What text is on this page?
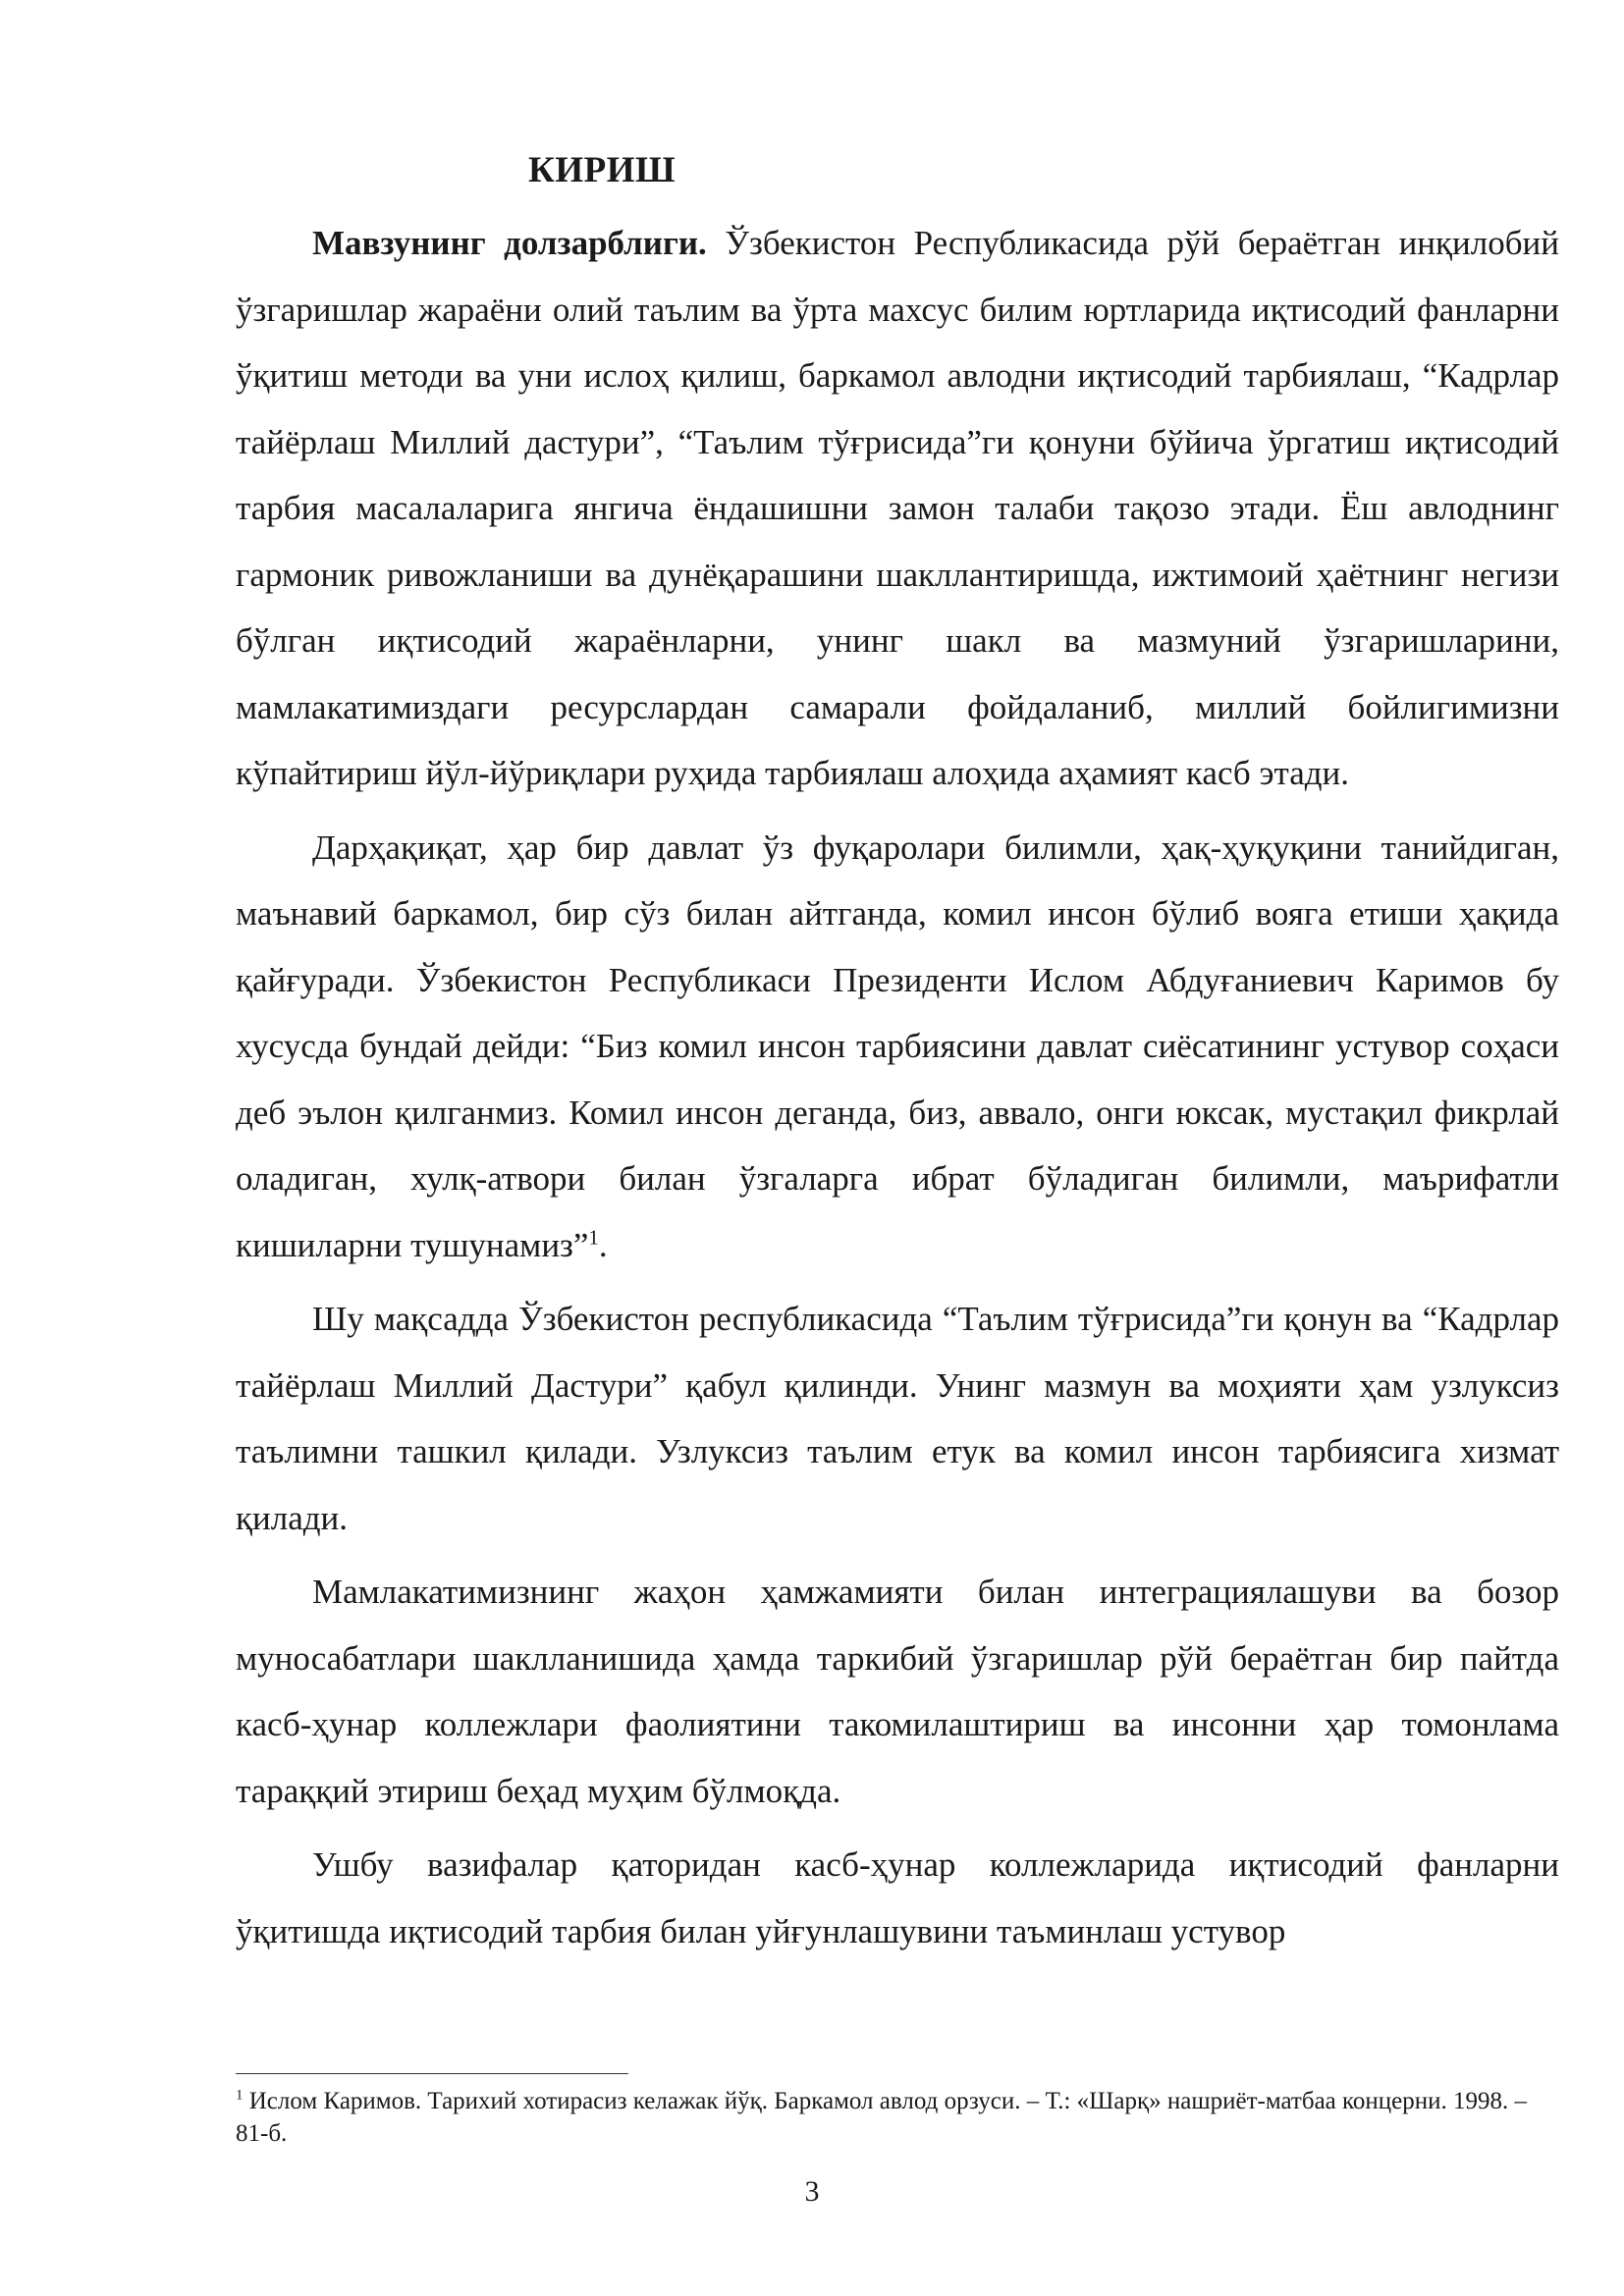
КИРИШ

Мавзунинг долзарблиги. Ўзбекистон Республикасида рўй бераётган инқилобий ўзгаришлар жараёни олий таълим ва ўрта махсус билим юртларида иқтисодий фанларни ўқитиш методи ва уни ислоҳ қилиш, баркамол авлодни иқтисодий тарбиялаш, “Кадрлар тайёрлаш Миллий дастури”, “Таълим тўғрисида”ги қонуни бўйича ўргатиш иқтисодий тарбия масалаларига янгича ёндашишни замон талаби тақозо этади. Ёш авлоднинг гармоник ривожланиши ва дунёқарашини шакллантиришда, ижтимоий ҳаётнинг негизи бўлган иқтисодий жараёнларни, унинг шакл ва мазмуний ўзгаришларини, мамлакатимиздаги ресурслардан самарали фойдаланиб, миллий бойлигимизни кўпайтириш йўл-йўриқлари руҳида тарбиялаш алоҳида аҳамият касб этади.

Дарҳақиқат, ҳар бир давлат ўз фуқаролари билимли, ҳақ-ҳуқуқини танийдиган, маънавий баркамол, бир сўз билан айтганда, комил инсон бўлиб вояга етиши ҳақида қайғуради. Ўзбекистон Республикаси Президенти Ислом Абдуғаниевич Каримов бу хусусда бундай дейди: “Биз комил инсон тарбиясини давлат сиёсатининг устувор соҳаси деб эълон қилганмиз. Комил инсон деганда, биз, аввало, онги юксак, мустақил фикрлай оладиган, хулқ-атвори билан ўзгаларга ибрат бўладиган билимли, маърифатли кишиларни тушунамиз”$^1$.

Шу мақсадда Ўзбекистон республикасида “Таълим тўғрисида”ги қонун ва “Кадрлар тайёрлаш Миллий Дастури” қабул қилинди. Унинг мазмун ва моҳияти ҳам узлуксиз таълимни ташкил қилади. Узлуксиз таълим етук ва комил инсон тарбиясига хизмат қилади.

Мамлакатимизнинг жаҳон ҳамжамияти билан интеграциялашуви ва бозор муносабатлари шаклланишида ҳамда таркибий ўзгаришлар рўй бераётган бир пайтда касб-ҳунар коллежлари фаолиятини такомилаштириш ва инсонни ҳар томонлама тараққий этириш беҳад муҳим бўлмоқда.

Ушбу вазифалар қаторидан касб-ҳунар коллежларида иқтисодий фанларни ўқитишда иқтисодий тарбия билан уйғунлашувини таъминлаш устувор

$^1$ Ислом Каримов. Тарихий хотирасиз келажак йўқ. Баркамол авлод орзуси. – Т.: «Шарқ» нашриёт-матбаа концерни. 1998. – 81-б.

3
